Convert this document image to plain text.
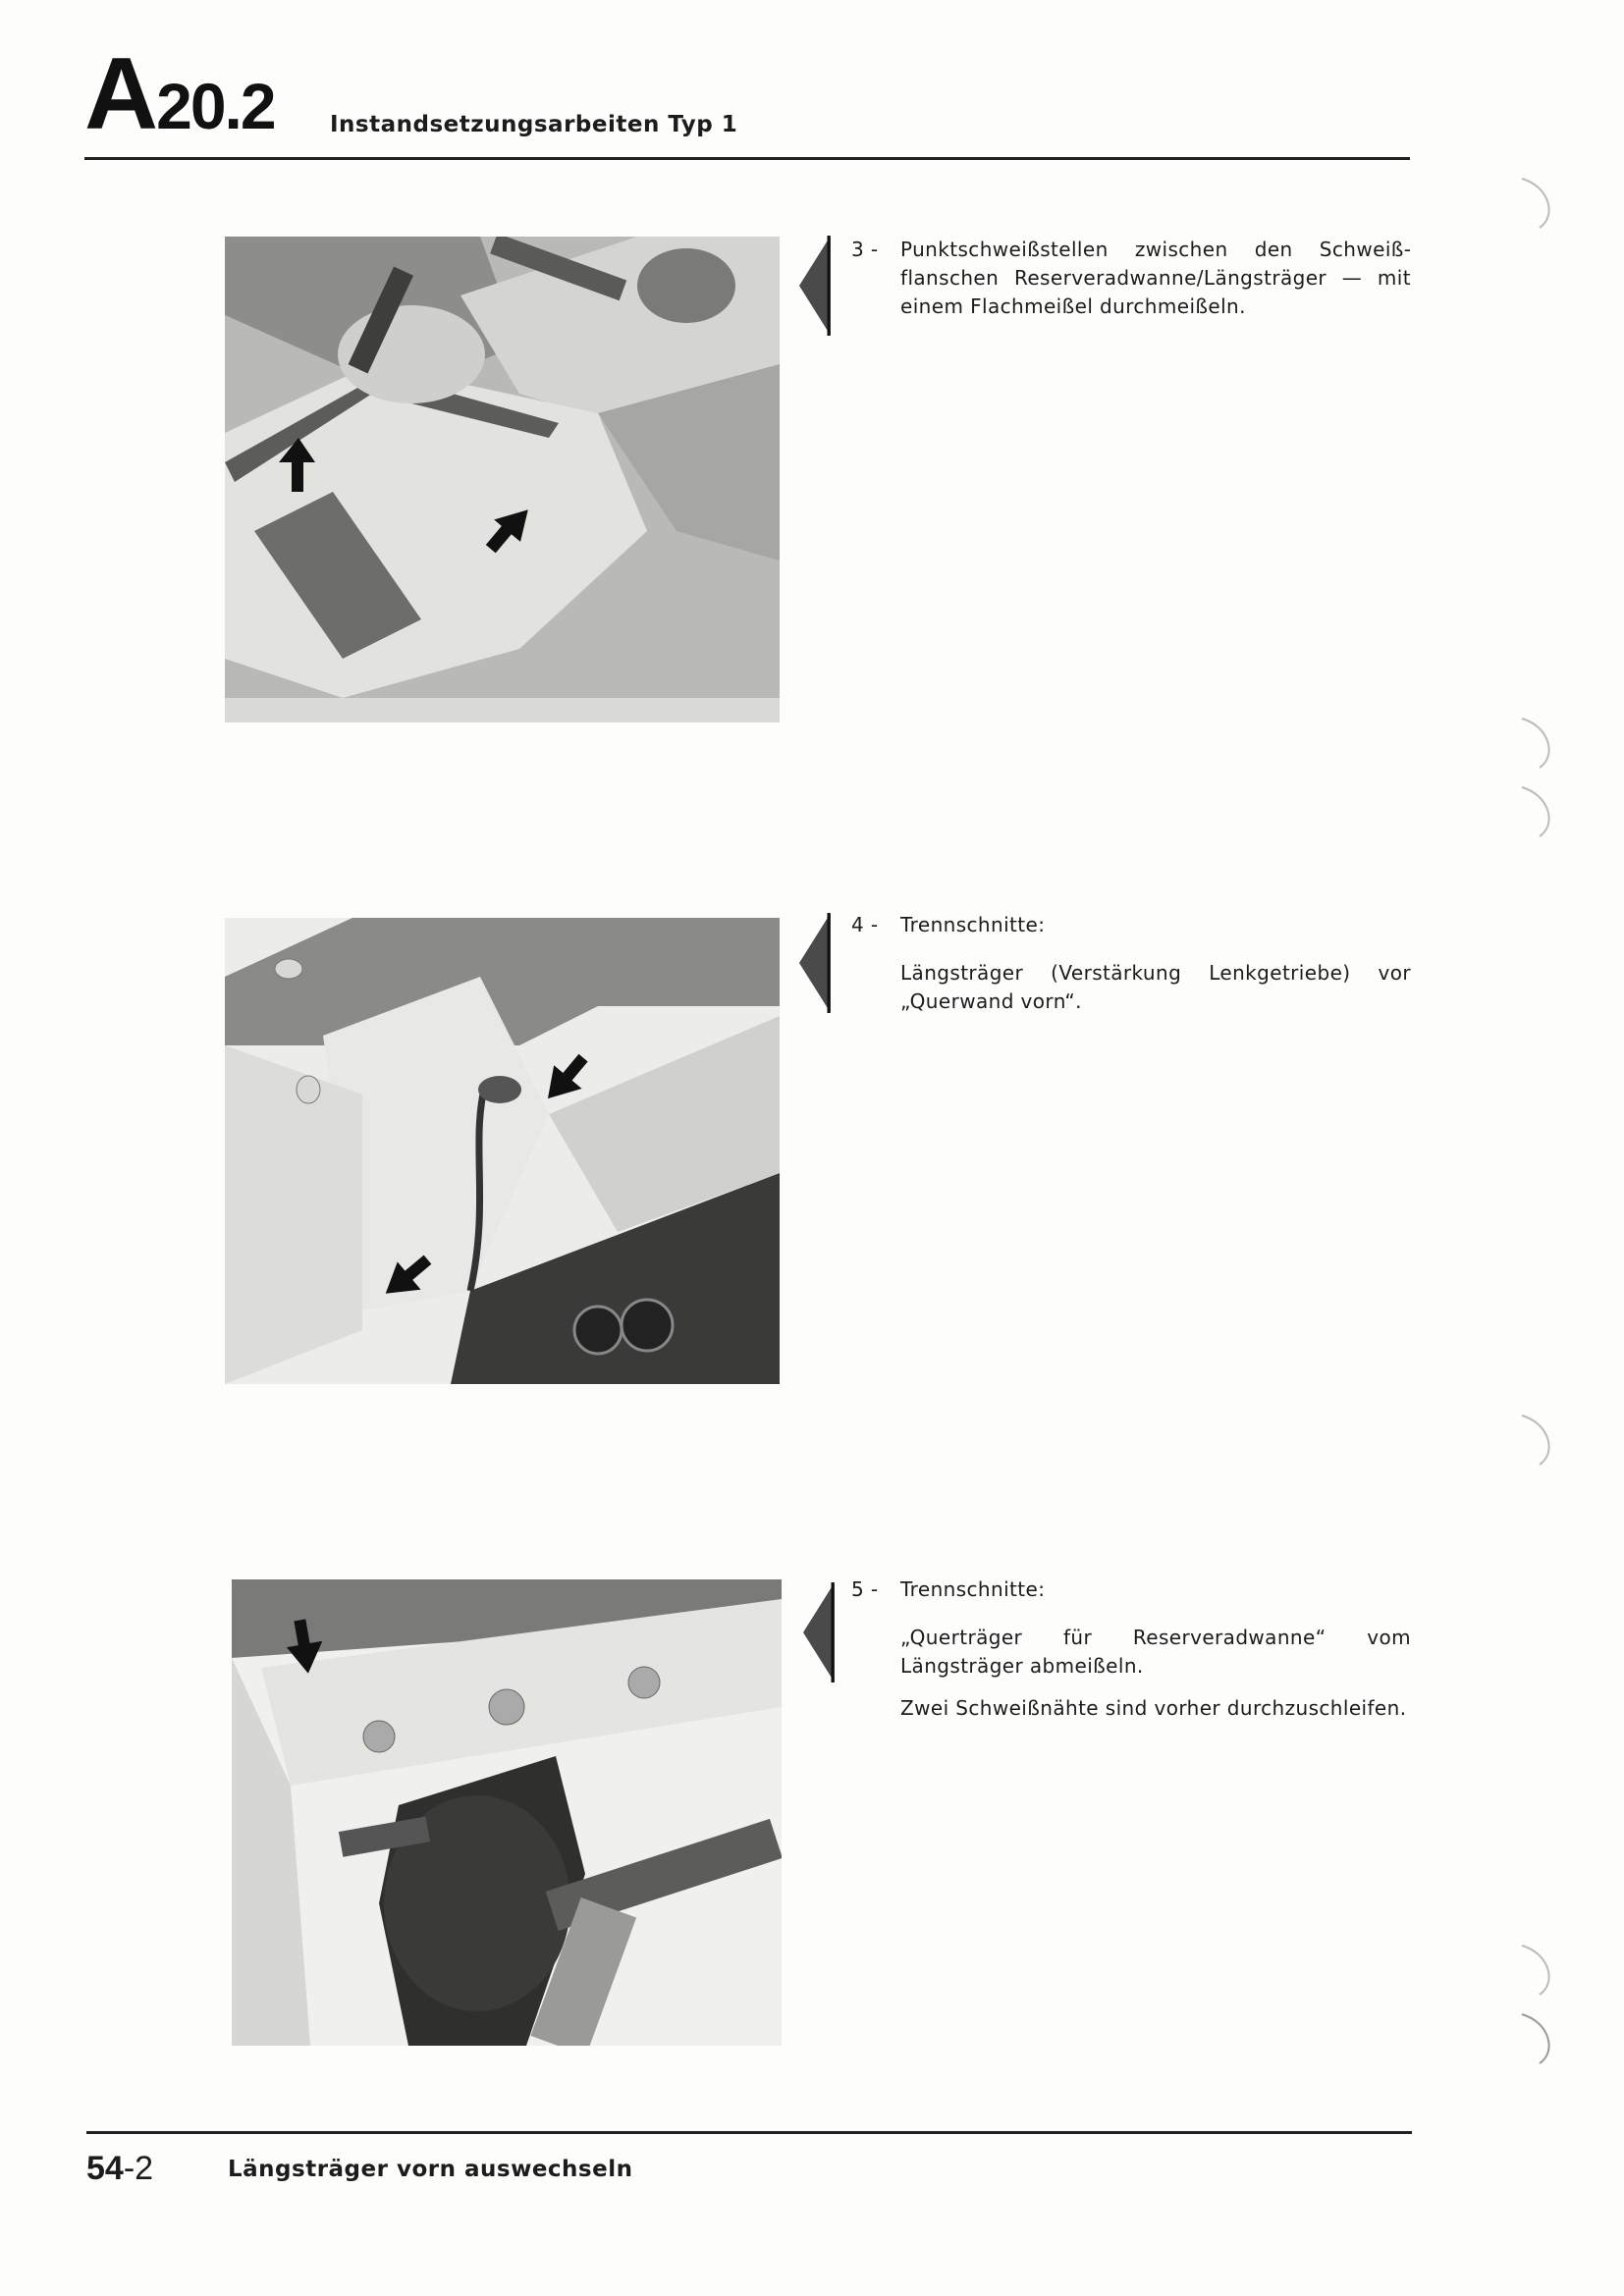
A20.2 Instandsetzungsarbeiten Typ 1
3 - Punktschweißstellen zwischen den Schweißflanschen Reserveradwanne/Längsträger — mit einem Flachmeißel durchmeißeln.

4 - Trennschnitte:

Längsträger (Verstärkung Lenkgetriebe) vor „Querwand vorn“.

5 - Trennschnitte:

„Querträger für Reserveradwanne“ vom Längsträger abmeißeln.

Zwei Schweißnähte sind vorher durchzuschleifen.

54-2	Längsträger vorn auswechseln
